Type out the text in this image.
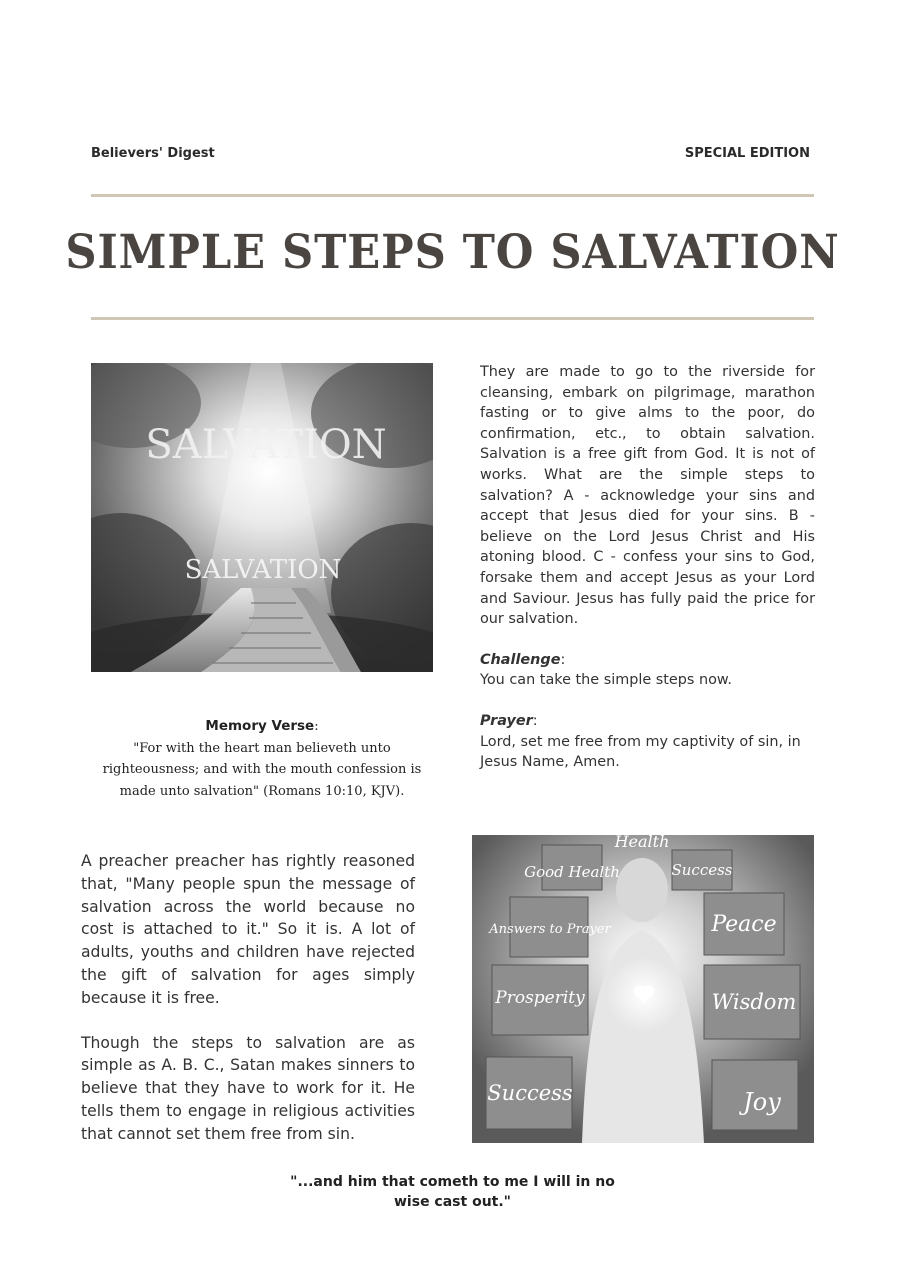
Believers' Digest	SPECIAL EDITION
SIMPLE STEPS TO SALVATION
SALVATION
SALVATION
Memory Verse:
"For with the heart man believeth unto righteousness; and with the mouth confession is made unto salvation" (Romans 10:10, KJV).

They are made to go to the riverside for cleansing, embark on pilgrimage, marathon fasting or to give alms to the poor, do confirmation, etc., to obtain salvation. Salvation is a free gift from God. It is not of works. What are the simple steps to salvation? A - acknowledge your sins and accept that Jesus died for your sins. B - believe on the Lord Jesus Christ and His atoning blood. C - confess your sins to God, forsake them and accept Jesus as your Lord and Saviour. Jesus has fully paid the price for our salvation.

Challenge:
You can take the simple steps now.

Prayer:
Lord, set me free from my captivity of sin, in Jesus Name, Amen.

A preacher preacher has rightly reasoned that, "Many people spun the message of salvation across the world because no cost is attached to it." So it is. A lot of adults, youths and children have rejected the gift of salvation for ages simply because it is free.

Though the steps to salvation are as simple as A. B. C., Satan makes sinners to believe that they have to work for it. He tells them to engage in religious activities that cannot set them free from sin.

Health
Good Health	Success
Answers to Prayer	Peace
Prosperity	Wisdom
Success	Joy
"...and him that cometh to me I will in no wise cast out."
